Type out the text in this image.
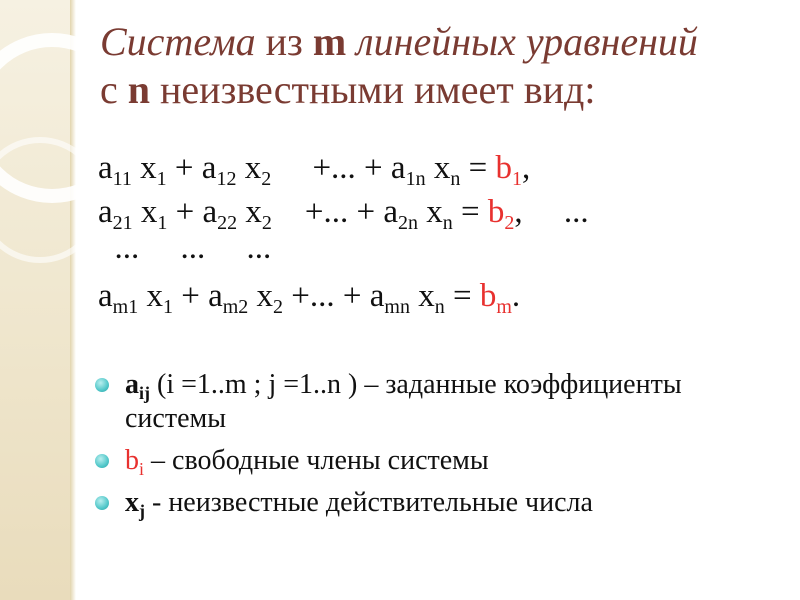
Система из m линейных уравнений
с n неизвестными имеет вид:
$a_{11}$ $x_1 + a_{12}$ $x_2$     +... + $a_{1n}$ $x_n = b_1$,
$a_{21}$ $x_1 + a_{22}$ $x_2$    +... + $a_{2n}$ $x_n = b_2$,     ...
...     ...     ...
$a_{m1}$ $x_1 + a_{m2}$ $x_2$ +... + $a_{mn}$ $x_n = b_m$.
$a_{ij}$ (i =1..m ; j =1..n ) – заданные коэффициенты системы
$b_i$ – свободные члены системы
$x_j$ - неизвестные действительные числа
